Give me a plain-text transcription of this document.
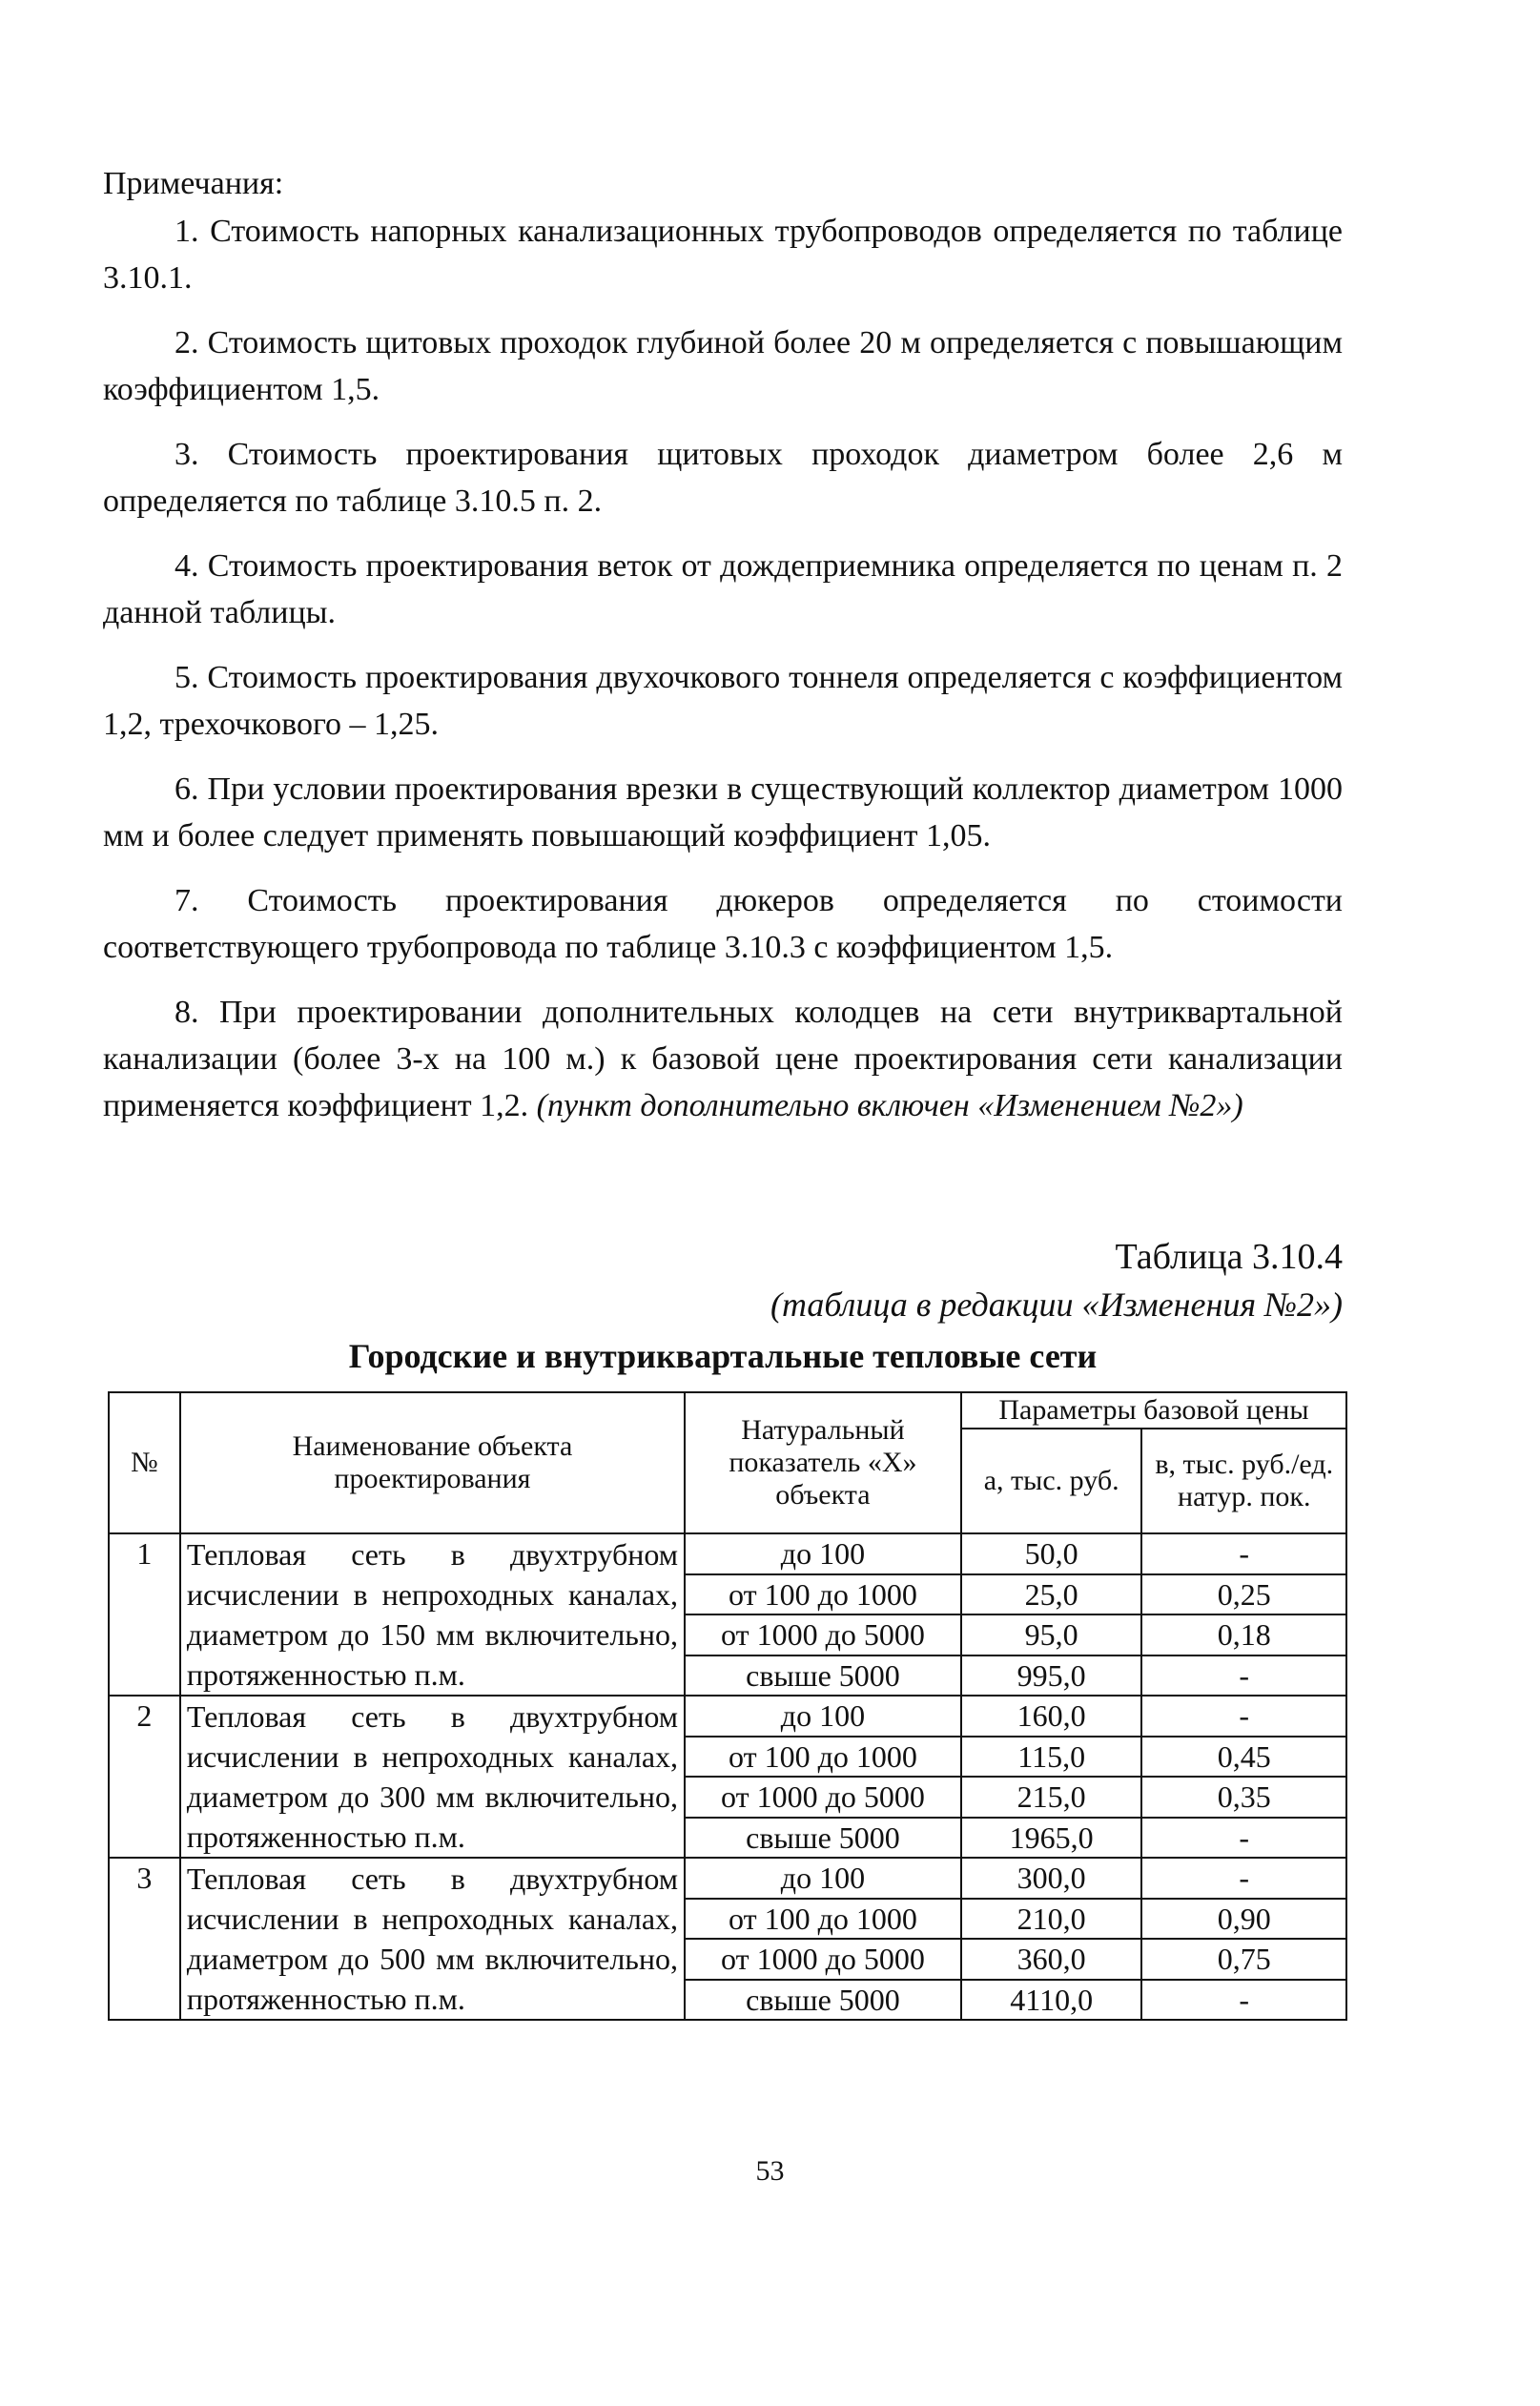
Примечания:

1. Стоимость напорных канализационных трубопроводов определяется по таблице 3.10.1.

2. Стоимость щитовых проходок глубиной более 20 м определяется с повышающим коэффициентом 1,5.

3. Стоимость проектирования щитовых проходок диаметром более 2,6 м определяется по таблице 3.10.5 п. 2.

4. Стоимость проектирования веток от дождеприемника определяется по ценам п. 2 данной таблицы.

5. Стоимость проектирования двухочкового тоннеля определяется с коэффициентом 1,2, трехочкового – 1,25.

6. При условии проектирования врезки в существующий коллектор диаметром 1000 мм и более следует применять повышающий коэффициент 1,05.

7. Стоимость проектирования дюкеров определяется по стоимости соответствующего трубопровода по таблице 3.10.3 с коэффициентом 1,5.

8. При проектировании дополнительных колодцев на сети внутриквартальной канализации (более 3-х на 100 м.) к базовой цене проектирования сети канализации применяется коэффициент 1,2. (пункт дополнительно включен «Изменением №2»)

Таблица 3.10.4
(таблица в редакции «Изменения №2»)
Городские и внутриквартальные тепловые сети
№	Наименование объекта проектирования	Натуральный показатель «X» объекта	Параметры базовой цены	
			а, тыс. руб.	в, тыс. руб./ед. натур. пок.
1	Тепловая сеть в двухтрубном исчислении в непроходных каналах, диаметром до 150 мм включительно, протяженностью п.м.	до 100	50,0	-
		от 100 до 1000	25,0	0,25
		от 1000 до 5000	95,0	0,18
		свыше 5000	995,0	-
2	Тепловая сеть в двухтрубном исчислении в непроходных каналах, диаметром до 300 мм включительно, протяженностью п.м.	до 100	160,0	-
		от 100 до 1000	115,0	0,45
		от 1000 до 5000	215,0	0,35
		свыше 5000	1965,0	-
3	Тепловая сеть в двухтрубном исчислении в непроходных каналах, диаметром до 500 мм включительно, протяженностью п.м.	до 100	300,0	-
		от 100 до 1000	210,0	0,90
		от 1000 до 5000	360,0	0,75
		свыше 5000	4110,0	-
53
